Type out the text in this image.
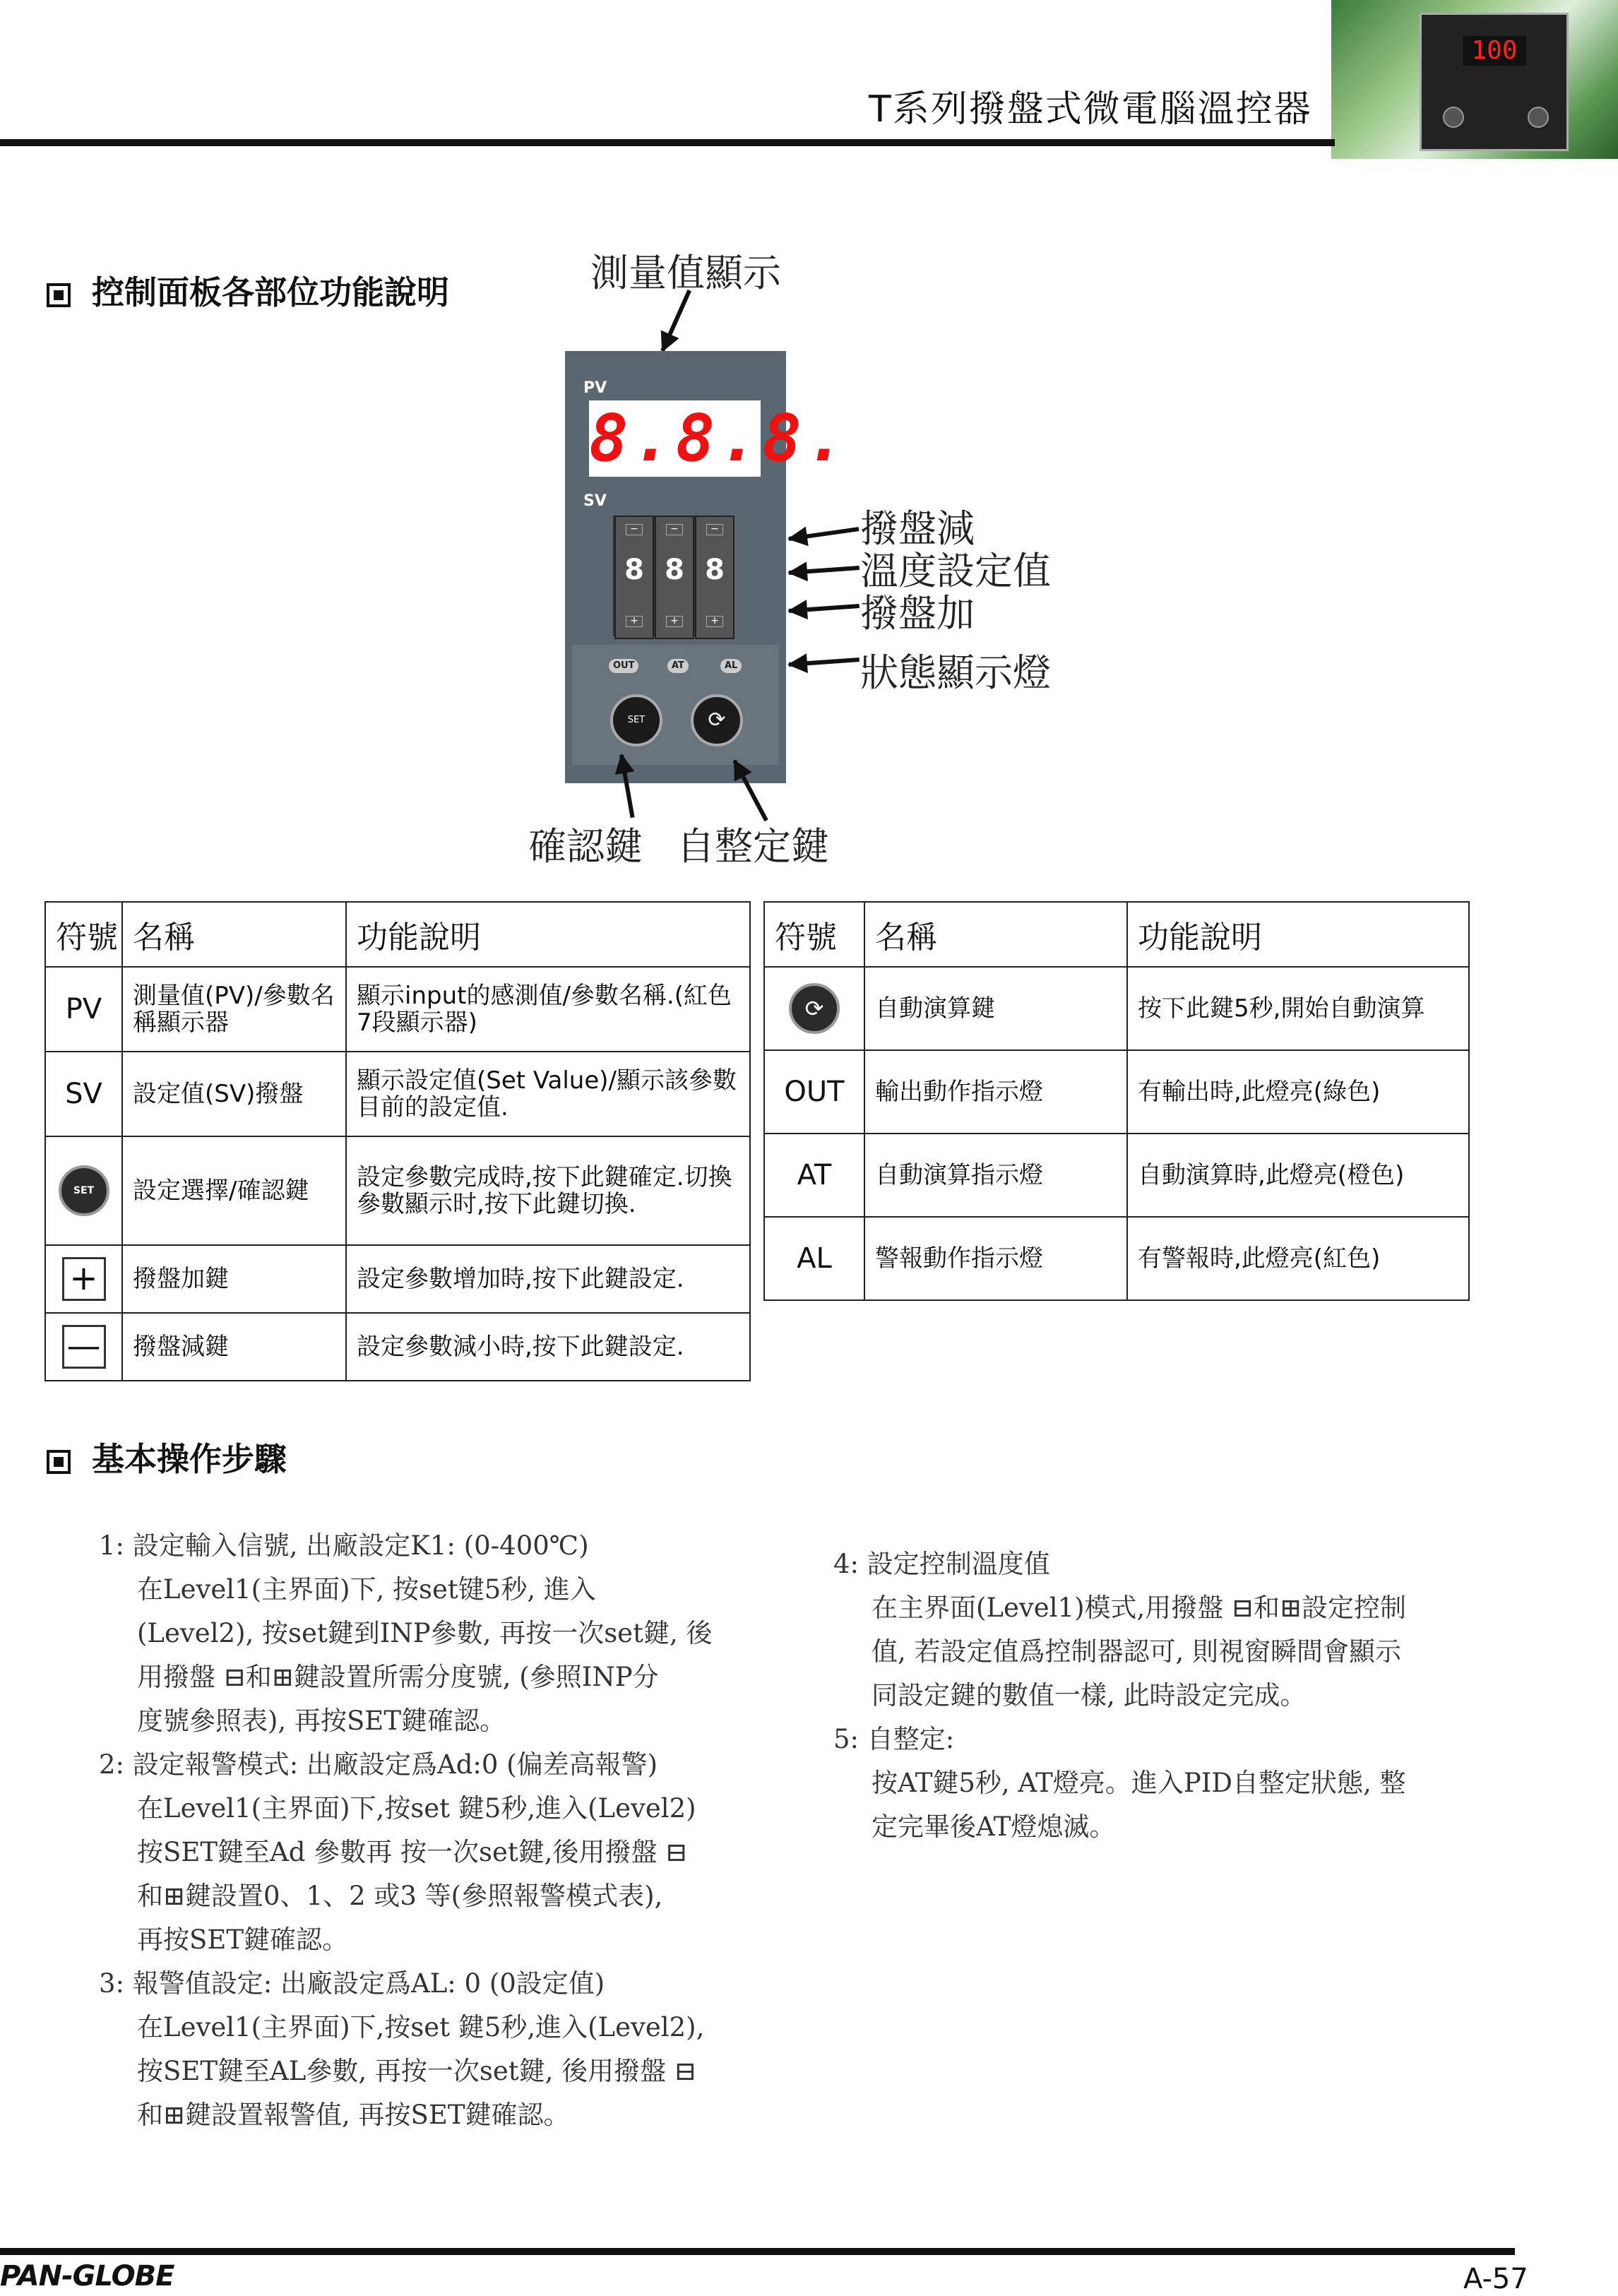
100
T系列撥盤式微電腦溫控器
控制面板各部位功能說明	測量值顯示
PV
8.8.8.
SV
−
8
+
−
8
+
−
8
+
OUT	AT	AL
SET	⟳
撥盤減
溫度設定值
撥盤加
狀態顯示燈
確認鍵 自整定鍵
符號	名稱	功能說明
PV	測量值(PV)/參數名稱顯示器	顯示input的感測值/參數名稱.(紅色7段顯示器)
SV	設定值(SV)撥盤	顯示設定值(Set Value)/顯示該參數目前的設定值.
SET	設定選擇/確認鍵	設定參數完成時,按下此鍵確定.切換參數顯示时,按下此鍵切換.
+	撥盤加鍵	設定參數增加時,按下此鍵設定.
—	撥盤減鍵	設定參數減小時,按下此鍵設定.
符號	名稱	功能說明
⟳	自動演算鍵	按下此鍵5秒,開始自動演算
OUT	輸出動作指示燈	有輸出時,此燈亮(綠色)
AT	自動演算指示燈	自動演算時,此燈亮(橙色)
AL	警報動作指示燈	有警報時,此燈亮(紅色)
基本操作步驟

1: 設定輸入信號, 出廠設定K1: (0-400℃)

在Level1(主界面)下, 按set键5秒, 進入

(Level2), 按set鍵到INP參數, 再按一次set鍵, 後

用撥盤 ⊟和⊞鍵設置所需分度號, (參照INP分

度號參照表), 再按SET鍵確認。

2: 設定報警模式: 出廠設定爲Ad:0 (偏差高報警)

在Level1(主界面)下,按set 鍵5秒,進入(Level2)

按SET鍵至Ad 參數再 按一次set鍵,後用撥盤 ⊟

和⊞鍵設置0、1、2 或3 等(參照報警模式表),

再按SET鍵確認。

3: 報警值設定: 出廠設定爲AL: 0 (0設定值)

在Level1(主界面)下,按set 鍵5秒,進入(Level2),

按SET鍵至AL參數, 再按一次set鍵, 後用撥盤 ⊟

和⊞鍵設置報警值, 再按SET鍵確認。

4: 設定控制溫度值

在主界面(Level1)模式,用撥盤 ⊟和⊞設定控制

值, 若設定值爲控制器認可, 則視窗瞬間會顯示

同設定鍵的數值一樣, 此時設定完成。

5: 自整定:

按AT鍵5秒, AT燈亮。進入PID自整定狀態, 整

定完畢後AT燈熄滅。

PAN-GLOBE	A-57
